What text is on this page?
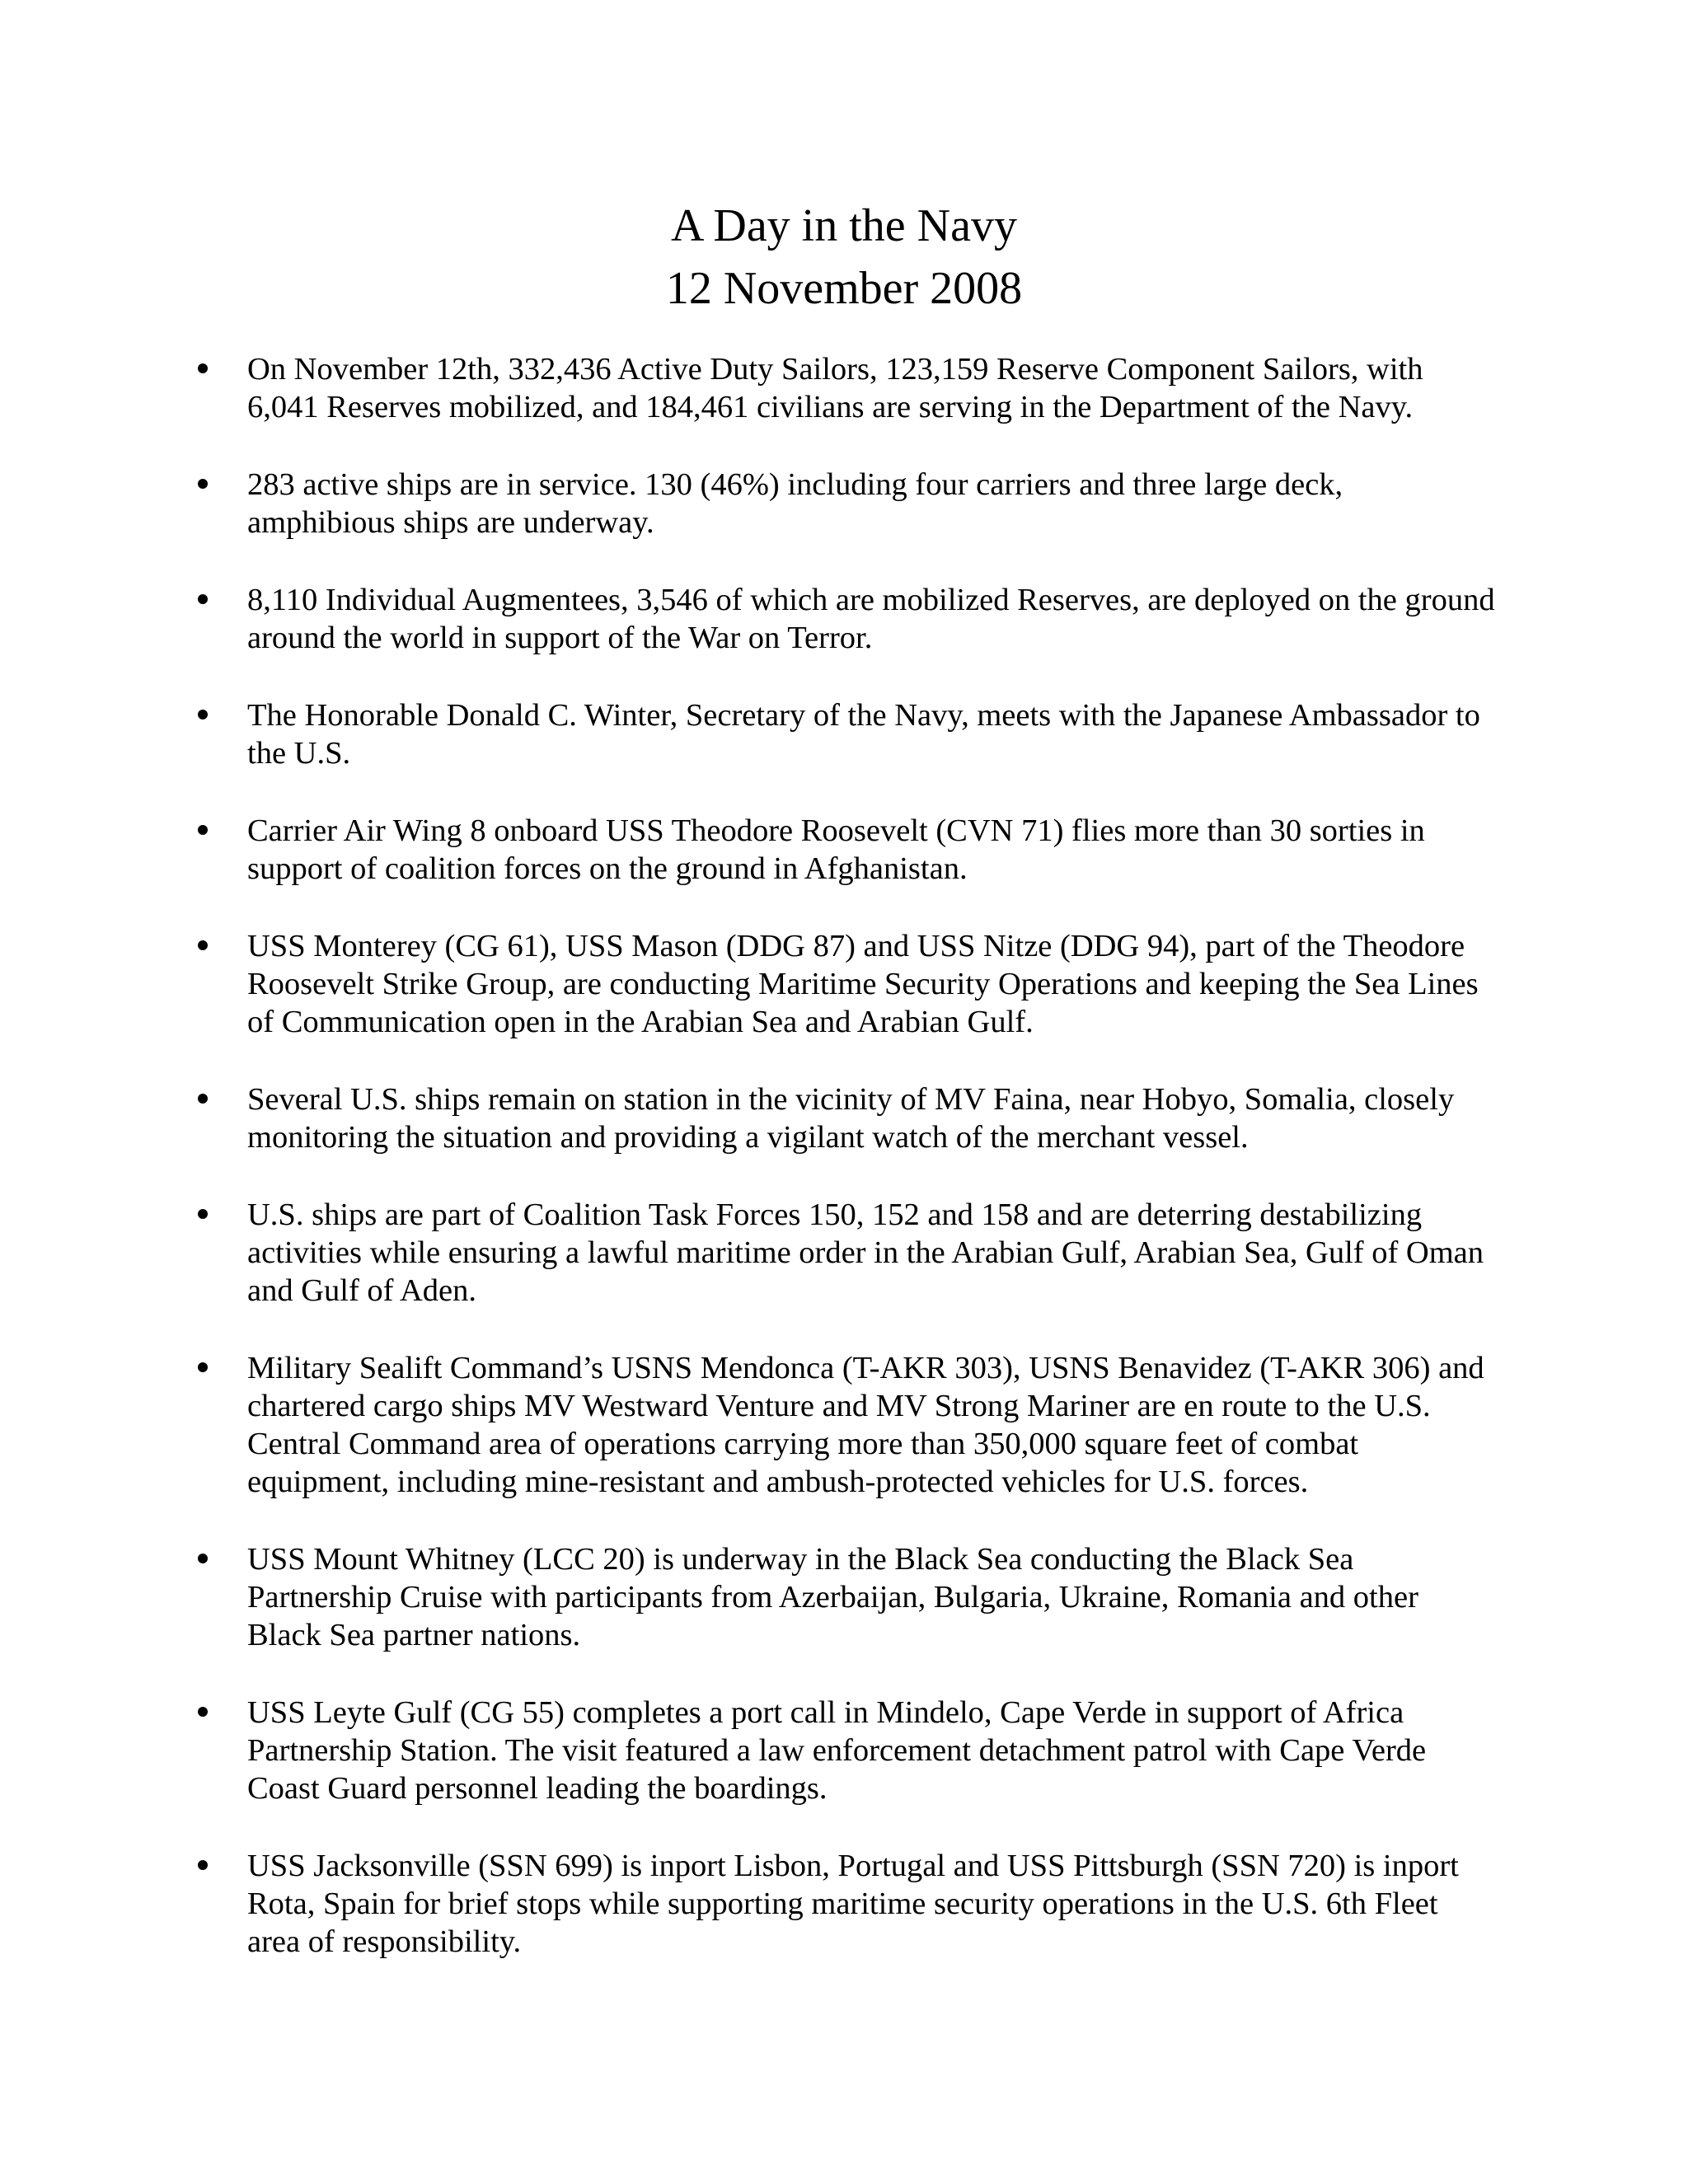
A Day in the Navy
12 November 2008
On November 12th, 332,436 Active Duty Sailors, 123,159 Reserve Component Sailors, with 6,041 Reserves mobilized, and 184,461 civilians are serving in the Department of the Navy.
283 active ships are in service. 130 (46%) including four carriers and three large deck, amphibious ships are underway.
8,110 Individual Augmentees, 3,546 of which are mobilized Reserves, are deployed on the ground around the world in support of the War on Terror.
The Honorable Donald C. Winter, Secretary of the Navy, meets with the Japanese Ambassador to the U.S.
Carrier Air Wing 8 onboard USS Theodore Roosevelt (CVN 71) flies more than 30 sorties in support of coalition forces on the ground in Afghanistan.
USS Monterey (CG 61), USS Mason (DDG 87) and USS Nitze (DDG 94), part of the Theodore Roosevelt Strike Group, are conducting Maritime Security Operations and keeping the Sea Lines of Communication open in the Arabian Sea and Arabian Gulf.
Several U.S. ships remain on station in the vicinity of MV Faina, near Hobyo, Somalia, closely monitoring the situation and providing a vigilant watch of the merchant vessel.
U.S. ships are part of Coalition Task Forces 150, 152 and 158 and are deterring destabilizing activities while ensuring a lawful maritime order in the Arabian Gulf, Arabian Sea, Gulf of Oman and Gulf of Aden.
Military Sealift Command’s USNS Mendonca (T-AKR 303), USNS Benavidez (T-AKR 306) and chartered cargo ships MV Westward Venture and MV Strong Mariner are en route to the U.S. Central Command area of operations carrying more than 350,000 square feet of combat equipment, including mine-resistant and ambush-protected vehicles for U.S. forces.
USS Mount Whitney (LCC 20) is underway in the Black Sea conducting the Black Sea Partnership Cruise with participants from Azerbaijan, Bulgaria, Ukraine, Romania and other Black Sea partner nations.
USS Leyte Gulf (CG 55) completes a port call in Mindelo, Cape Verde in support of Africa Partnership Station. The visit featured a law enforcement detachment patrol with Cape Verde Coast Guard personnel leading the boardings.
USS Jacksonville (SSN 699) is inport Lisbon, Portugal and USS Pittsburgh (SSN 720) is inport Rota, Spain for brief stops while supporting maritime security operations in the U.S. 6th Fleet area of responsibility.
